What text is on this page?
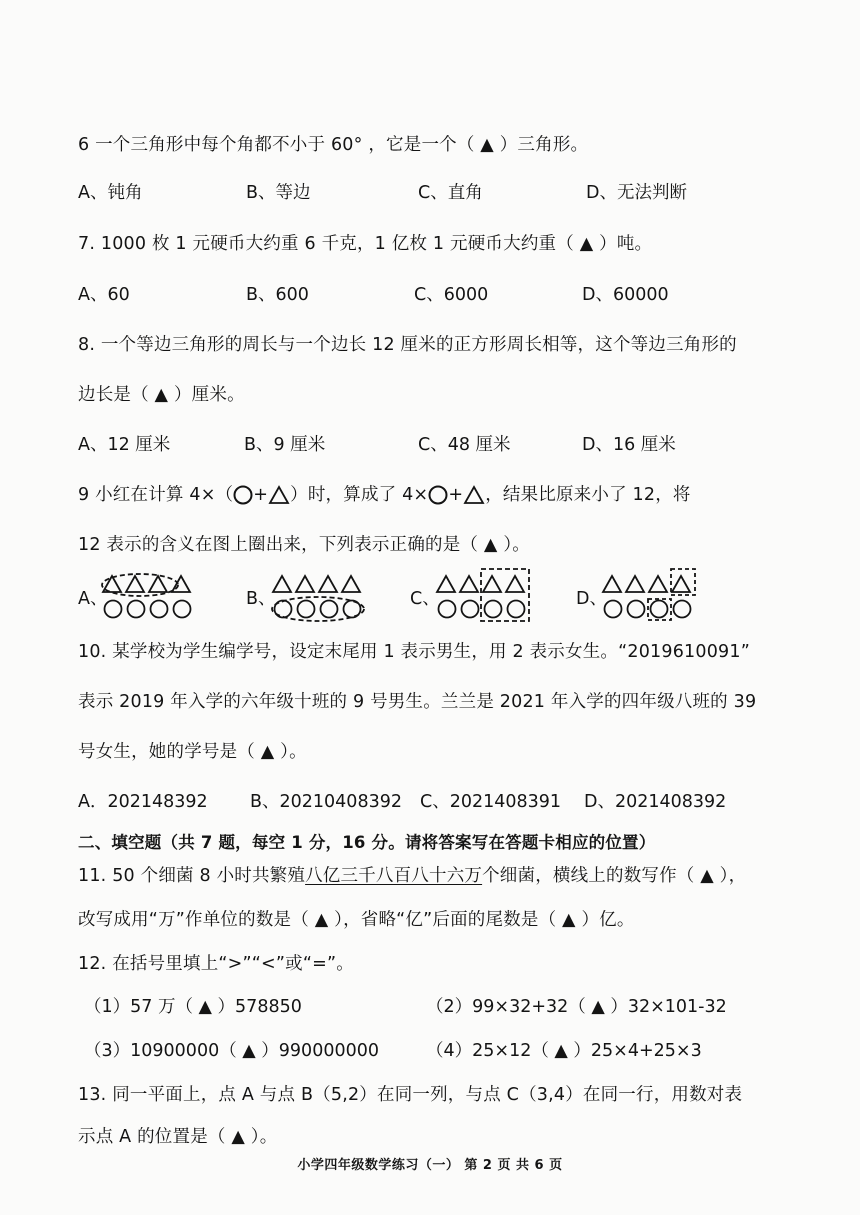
6 一个三角形中每个角都不小于 60° ，它是一个（ ▲ ）三角形。
A、钝角	B、等边	C、直角	D、无法判断
7. 1000 枚 1 元硬币大约重 6 千克，1 亿枚 1 元硬币大约重（ ▲ ）吨。
A、60	B、600	C、6000	D、60000
8. 一个等边三角形的周长与一个边长 12 厘米的正方形周长相等，这个等边三角形的
边长是（ ▲ ）厘米。
A、12 厘米	B、9 厘米	C、48 厘米	D、16 厘米
9 小红在计算 4×（ + ）时，算成了 4× + ，结果比原来小了 12，将
12 表示的含义在图上圈出来，下列表示正确的是（ ▲ ）。
A、	B、	C、	D、
10. 某学校为学生编学号，设定末尾用 1 表示男生，用 2 表示女生。“2019610091”
表示 2019 年入学的六年级十班的 9 号男生。兰兰是 2021 年入学的四年级八班的 39
号女生，她的学号是（ ▲ ）。
A．202148392 B、20210408392 C、2021408391 D、2021408392
二、填空题（共 7 题，每空 1 分，16 分。请将答案写在答题卡相应的位置）
11. 50 个细菌 8 小时共繁殖八亿三千八百八十六万个细菌，横线上的数写作（ ▲ ），
改写成用“万”作单位的数是（ ▲ ），省略“亿”后面的尾数是（ ▲ ）亿。
12. 在括号里填上“>”“<”或“=”。
（1）57 万（ ▲ ）578850	（2）99×32+32（ ▲ ）32×101-32
（3）10900000（ ▲ ）990000000	（4）25×12（ ▲ ）25×4+25×3
13. 同一平面上，点 A 与点 B（5,2）在同一列，与点 C（3,4）在同一行，用数对表
示点 A 的位置是（ ▲ ）。
小学四年级数学练习（一） 第 2 页 共 6 页
